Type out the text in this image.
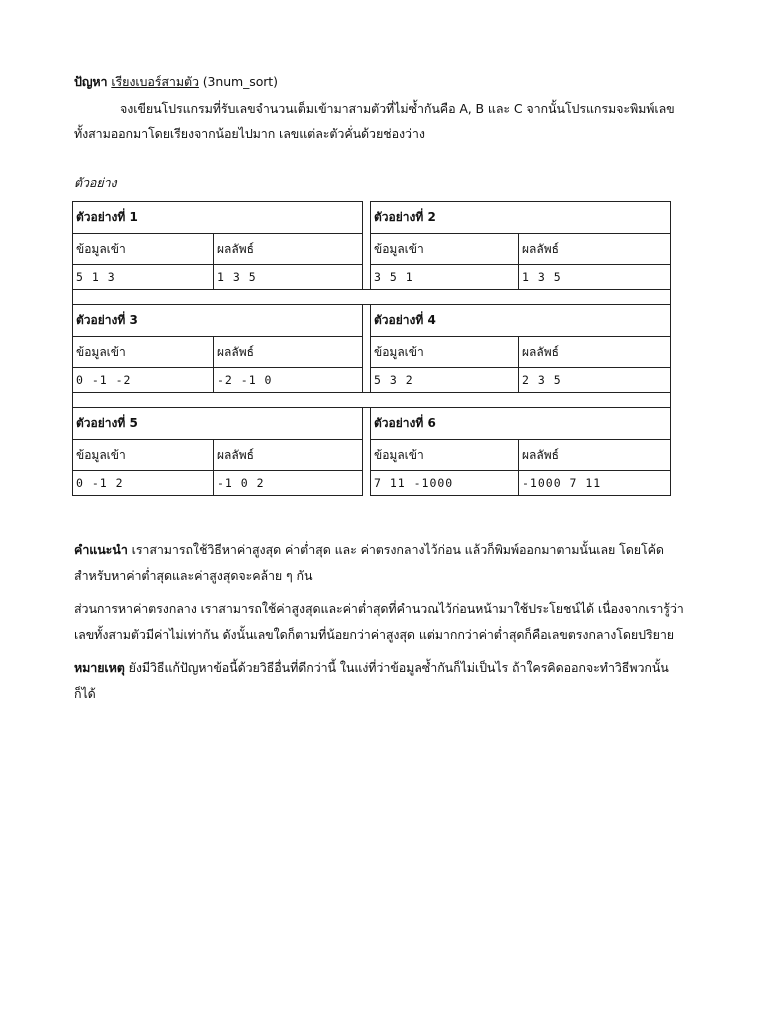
ปัญหา เรียงเบอร์สามตัว (3num_sort)
จงเขียนโปรแกรมที่รับเลขจำนวนเต็มเข้ามาสามตัวที่ไม่ซ้ำกันคือ A, B และ C จากนั้นโปรแกรมจะพิมพ์เลข
ทั้งสามออกมาโดยเรียงจากน้อยไปมาก เลขแต่ละตัวคั่นด้วยช่องว่าง
ตัวอย่าง
ตัวอย่างที่ 1			ตัวอย่างที่ 2	
ข้อมูลเข้า	ผลลัพธ์		ข้อมูลเข้า	ผลลัพธ์
5 1 3	1 3 5		3 5 1	1 3 5

ตัวอย่างที่ 3			ตัวอย่างที่ 4	
ข้อมูลเข้า	ผลลัพธ์		ข้อมูลเข้า	ผลลัพธ์
0 -1 -2	-2 -1 0		5 3 2	2 3 5

ตัวอย่างที่ 5			ตัวอย่างที่ 6	
ข้อมูลเข้า	ผลลัพธ์		ข้อมูลเข้า	ผลลัพธ์
0 -1 2	-1 0 2		7 11 -1000	-1000 7 11
คำแนะนำ เราสามารถใช้วิธีหาค่าสูงสุด ค่าต่ำสุด และ ค่าตรงกลางไว้ก่อน แล้วก็พิมพ์ออกมาตามนั้นเลย โดยโค้ด
สำหรับหาค่าต่ำสุดและค่าสูงสุดจะคล้าย ๆ กัน
ส่วนการหาค่าตรงกลาง เราสามารถใช้ค่าสูงสุดและค่าต่ำสุดที่คำนวณไว้ก่อนหน้ามาใช้ประโยชน์ได้ เนื่องจากเรารู้ว่า
เลขทั้งสามตัวมีค่าไม่เท่ากัน ดังนั้นเลขใดก็ตามที่น้อยกว่าค่าสูงสุด แต่มากกว่าค่าต่ำสุดก็คือเลขตรงกลางโดยปริยาย
หมายเหตุ ยังมีวิธีแก้ปัญหาข้อนี้ด้วยวิธีอื่นที่ดีกว่านี้ ในแง่ที่ว่าข้อมูลซ้ำกันก็ไม่เป็นไร ถ้าใครคิดออกจะทำวิธีพวกนั้น
ก็ได้
